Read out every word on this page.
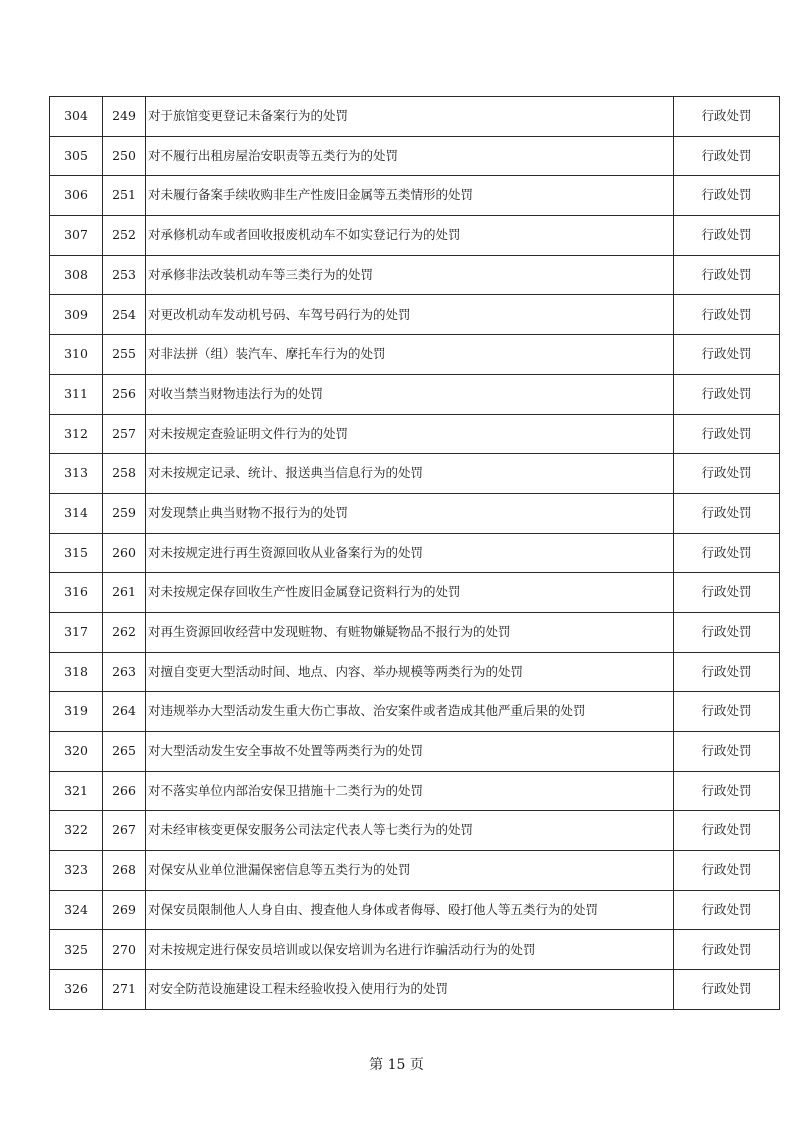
304	249	对于旅馆变更登记未备案行为的处罚	行政处罚
305	250	对不履行出租房屋治安职责等五类行为的处罚	行政处罚
306	251	对未履行备案手续收购非生产性废旧金属等五类情形的处罚	行政处罚
307	252	对承修机动车或者回收报废机动车不如实登记行为的处罚	行政处罚
308	253	对承修非法改装机动车等三类行为的处罚	行政处罚
309	254	对更改机动车发动机号码、车驾号码行为的处罚	行政处罚
310	255	对非法拼（组）装汽车、摩托车行为的处罚	行政处罚
311	256	对收当禁当财物违法行为的处罚	行政处罚
312	257	对未按规定查验证明文件行为的处罚	行政处罚
313	258	对未按规定记录、统计、报送典当信息行为的处罚	行政处罚
314	259	对发现禁止典当财物不报行为的处罚	行政处罚
315	260	对未按规定进行再生资源回收从业备案行为的处罚	行政处罚
316	261	对未按规定保存回收生产性废旧金属登记资料行为的处罚	行政处罚
317	262	对再生资源回收经营中发现赃物、有赃物嫌疑物品不报行为的处罚	行政处罚
318	263	对擅自变更大型活动时间、地点、内容、举办规模等两类行为的处罚	行政处罚
319	264	对违规举办大型活动发生重大伤亡事故、治安案件或者造成其他严重后果的处罚	行政处罚
320	265	对大型活动发生安全事故不处置等两类行为的处罚	行政处罚
321	266	对不落实单位内部治安保卫措施十二类行为的处罚	行政处罚
322	267	对未经审核变更保安服务公司法定代表人等七类行为的处罚	行政处罚
323	268	对保安从业单位泄漏保密信息等五类行为的处罚	行政处罚
324	269	对保安员限制他人人身自由、搜查他人身体或者侮辱、殴打他人等五类行为的处罚	行政处罚
325	270	对未按规定进行保安员培训或以保安培训为名进行诈骗活动行为的处罚	行政处罚
326	271	对安全防范设施建设工程未经验收投入使用行为的处罚	行政处罚
第 15 页
